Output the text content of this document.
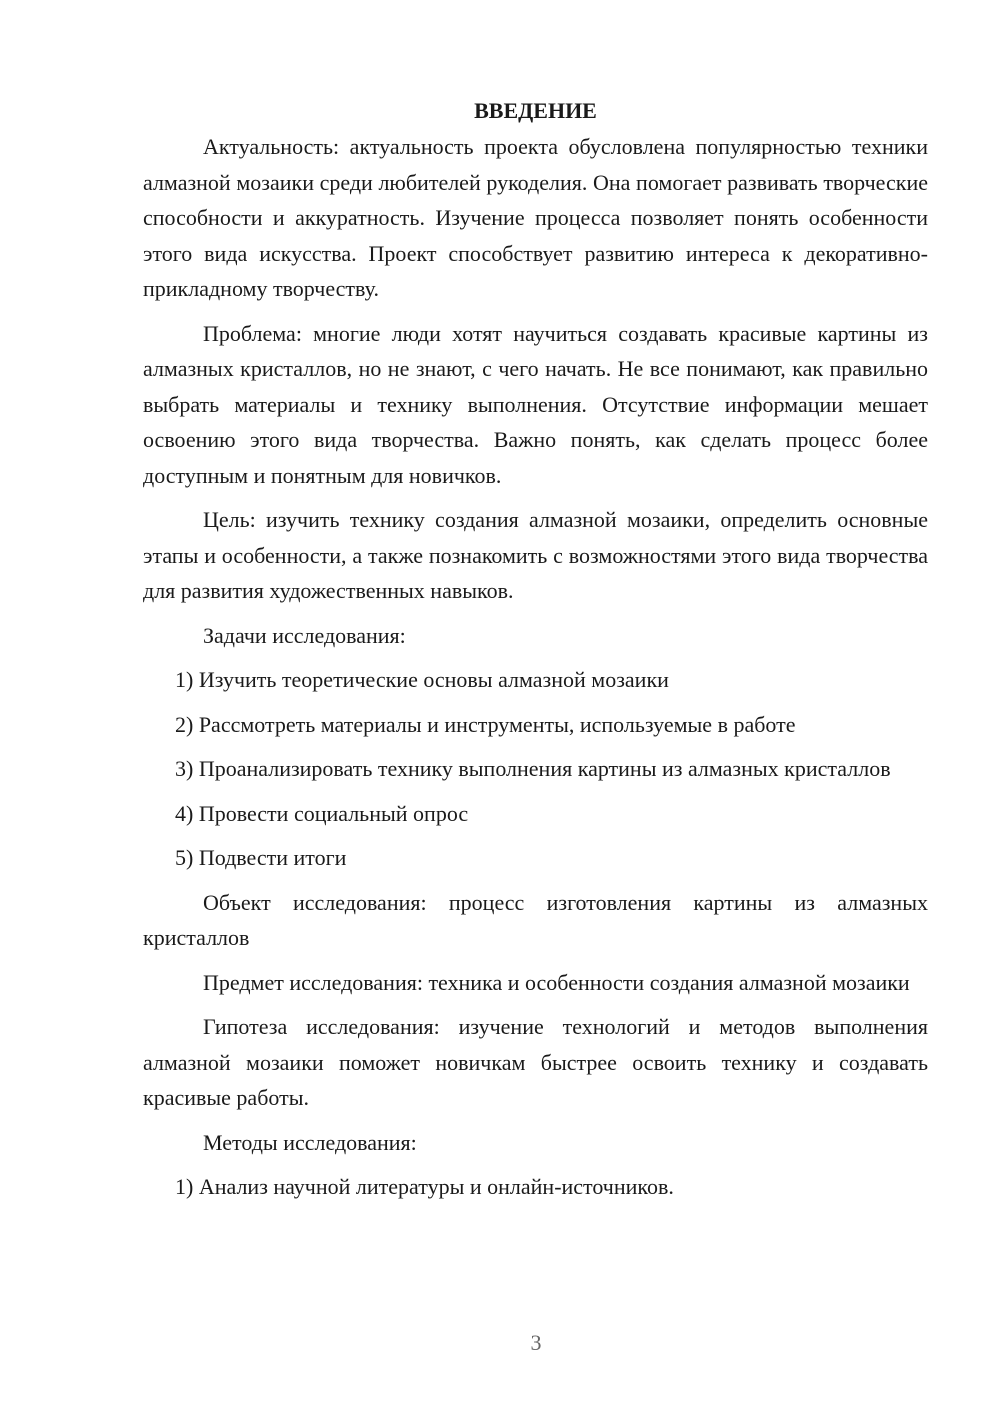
ВВЕДЕНИЕ

Актуальность: актуальность проекта обусловлена популярностью техники алмазной мозаики среди любителей рукоделия. Она помогает развивать творческие способности и аккуратность. Изучение процесса позволяет понять особенности этого вида искусства. Проект способствует развитию интереса к декоративно-прикладному творчеству.

Проблема: многие люди хотят научиться создавать красивые картины из алмазных кристаллов, но не знают, с чего начать. Не все понимают, как правильно выбрать материалы и технику выполнения. Отсутствие информации мешает освоению этого вида творчества. Важно понять, как сделать процесс более доступным и понятным для новичков.

Цель: изучить технику создания алмазной мозаики, определить основные этапы и особенности, а также познакомить с возможностями этого вида творчества для развития художественных навыков.

Задачи исследования:

1) Изучить теоретические основы алмазной мозаики

2) Рассмотреть материалы и инструменты, используемые в работе

3) Проанализировать технику выполнения картины из алмазных кристаллов

4) Провести социальный опрос

5) Подвести итоги

Объект исследования: процесс изготовления картины из алмазных кристаллов

Предмет исследования: техника и особенности создания алмазной мозаики

Гипотеза исследования: изучение технологий и методов выполнения алмазной мозаики поможет новичкам быстрее освоить технику и создавать красивые работы.

Методы исследования:

1) Анализ научной литературы и онлайн-источников.

3
